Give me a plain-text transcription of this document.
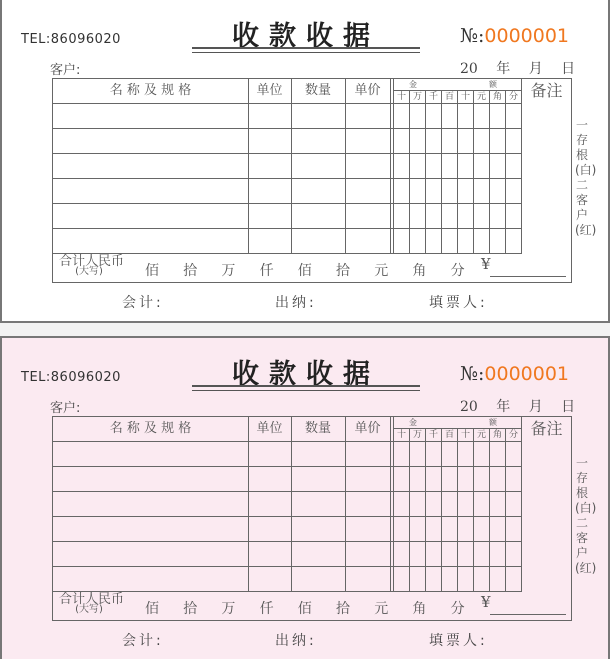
TEL:86096020	收款收据	№:0000001
客户:	20 年 月 日
名 称 及 规 格	单位	数量	单价	金	额	备注
十 万 千 百 十 元 角 分
合计人民币
(大写)	佰 拾 万 仟 佰 拾 元 角 分 ¥
一存根(白)二客户(红)
会计:	出纳:	填票人:
TEL:86096020	收款收据	№:0000001
客户:	20 年 月 日
名 称 及 规 格	单位	数量	单价	金	额	备注
十 万 千 百 十 元 角 分
合计人民币
(大写)	佰 拾 万 仟 佰 拾 元 角 分 ¥
一存根(白)二客户(红)
会计:	出纳:	填票人:
